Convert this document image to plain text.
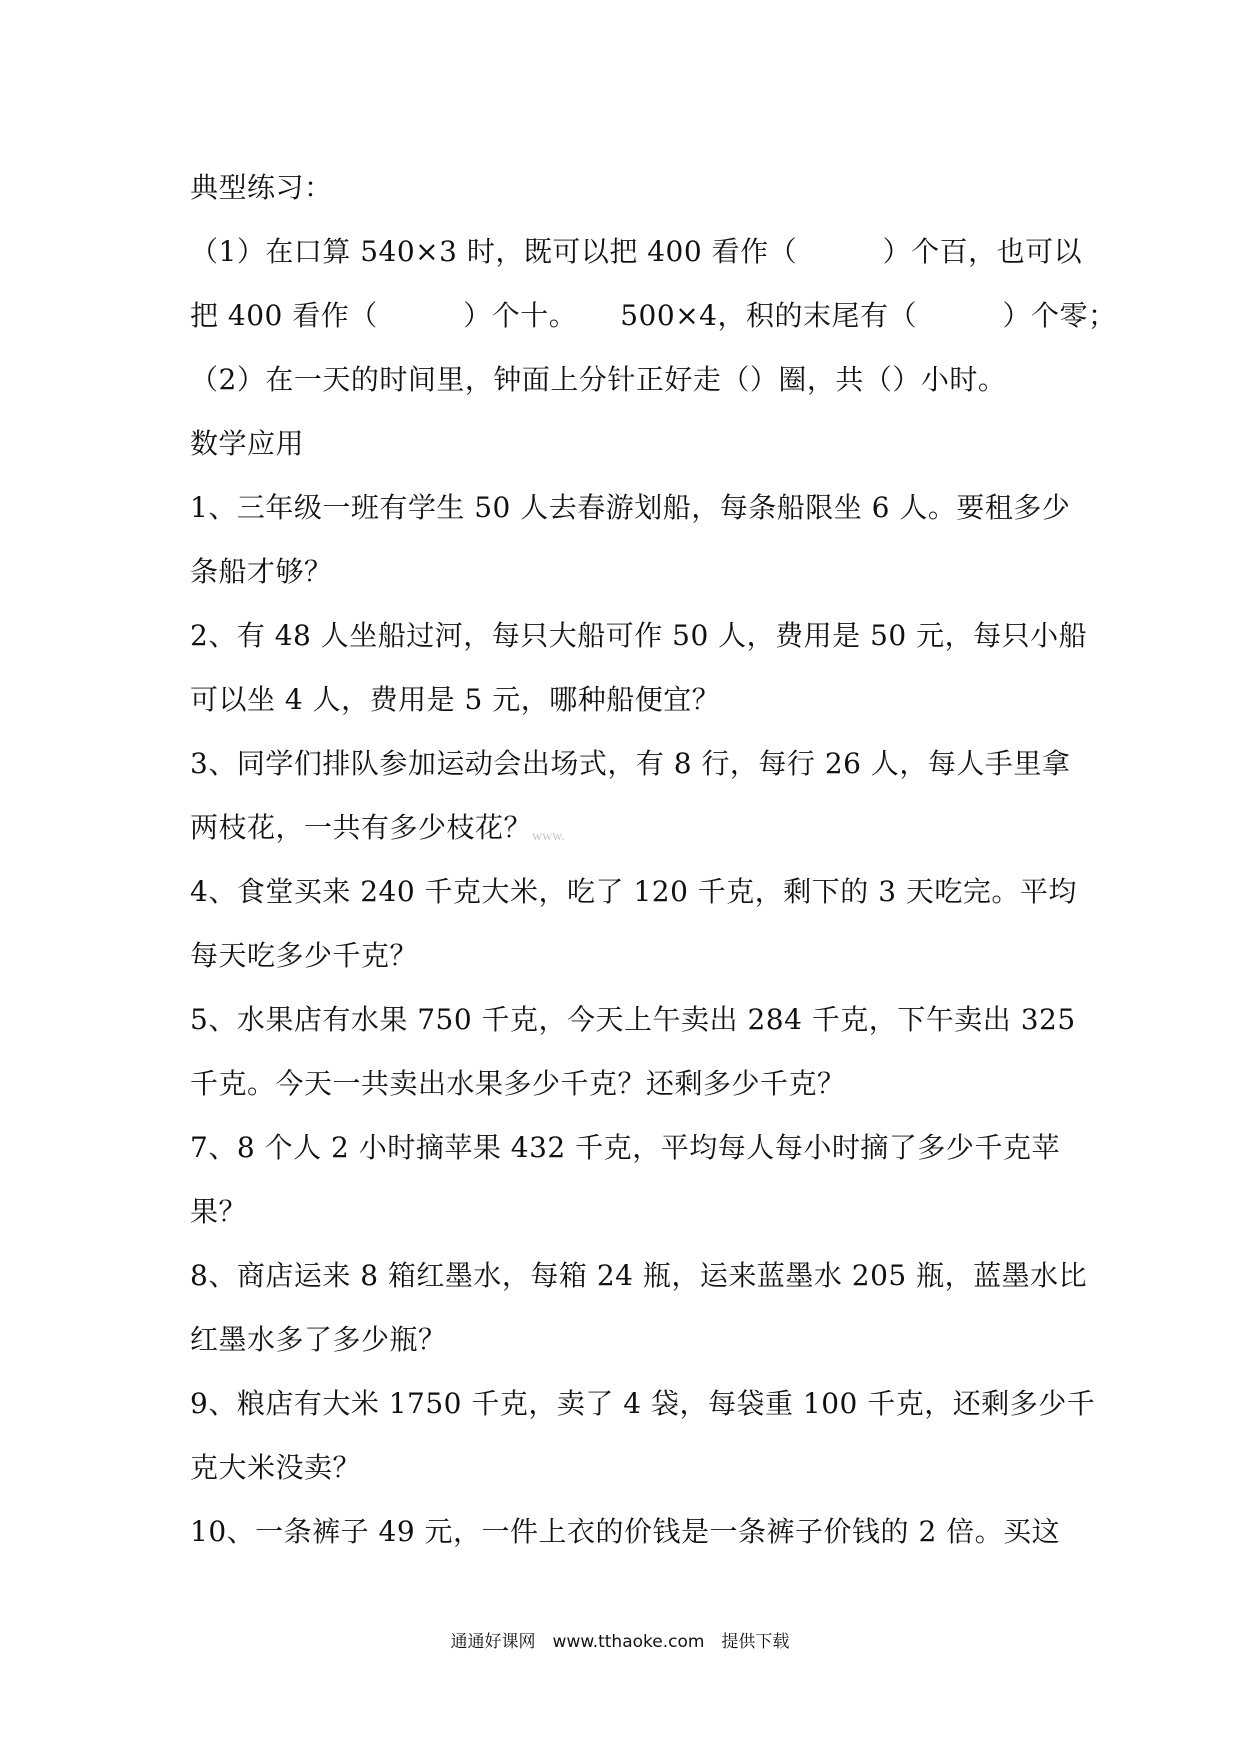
典型练习：
（1）在口算 540×3 时，既可以把 400 看作（　　　）个百，也可以
把 400 看作（　　　）个十。　　500×4，积的末尾有（　　　）个零；
（2）在一天的时间里，钟面上分针正好走（）圈，共（）小时。
数学应用
1、三年级一班有学生 50 人去春游划船，每条船限坐 6 人。要租多少
条船才够？
2、有 48 人坐船过河，每只大船可作 50 人，费用是 50 元，每只小船
可以坐 4 人，费用是 5 元，哪种船便宜？
3、同学们排队参加运动会出场式，有 8 行，每行 26 人，每人手里拿
两枝花，一共有多少枝花？ www.
4、食堂买来 240 千克大米，吃了 120 千克，剩下的 3 天吃完。平均
每天吃多少千克？
5、水果店有水果 750 千克，今天上午卖出 284 千克，下午卖出 325
千克。今天一共卖出水果多少千克？还剩多少千克？
7、8 个人 2 小时摘苹果 432 千克，平均每人每小时摘了多少千克苹
果？
8、商店运来 8 箱红墨水，每箱 24 瓶，运来蓝墨水 205 瓶，蓝墨水比
红墨水多了多少瓶？
9、粮店有大米 1750 千克，卖了 4 袋，每袋重 100 千克，还剩多少千
克大米没卖？
10、一条裤子 49 元，一件上衣的价钱是一条裤子价钱的 2 倍。买这
通通好课网　www.tthaoke.com　提供下载
